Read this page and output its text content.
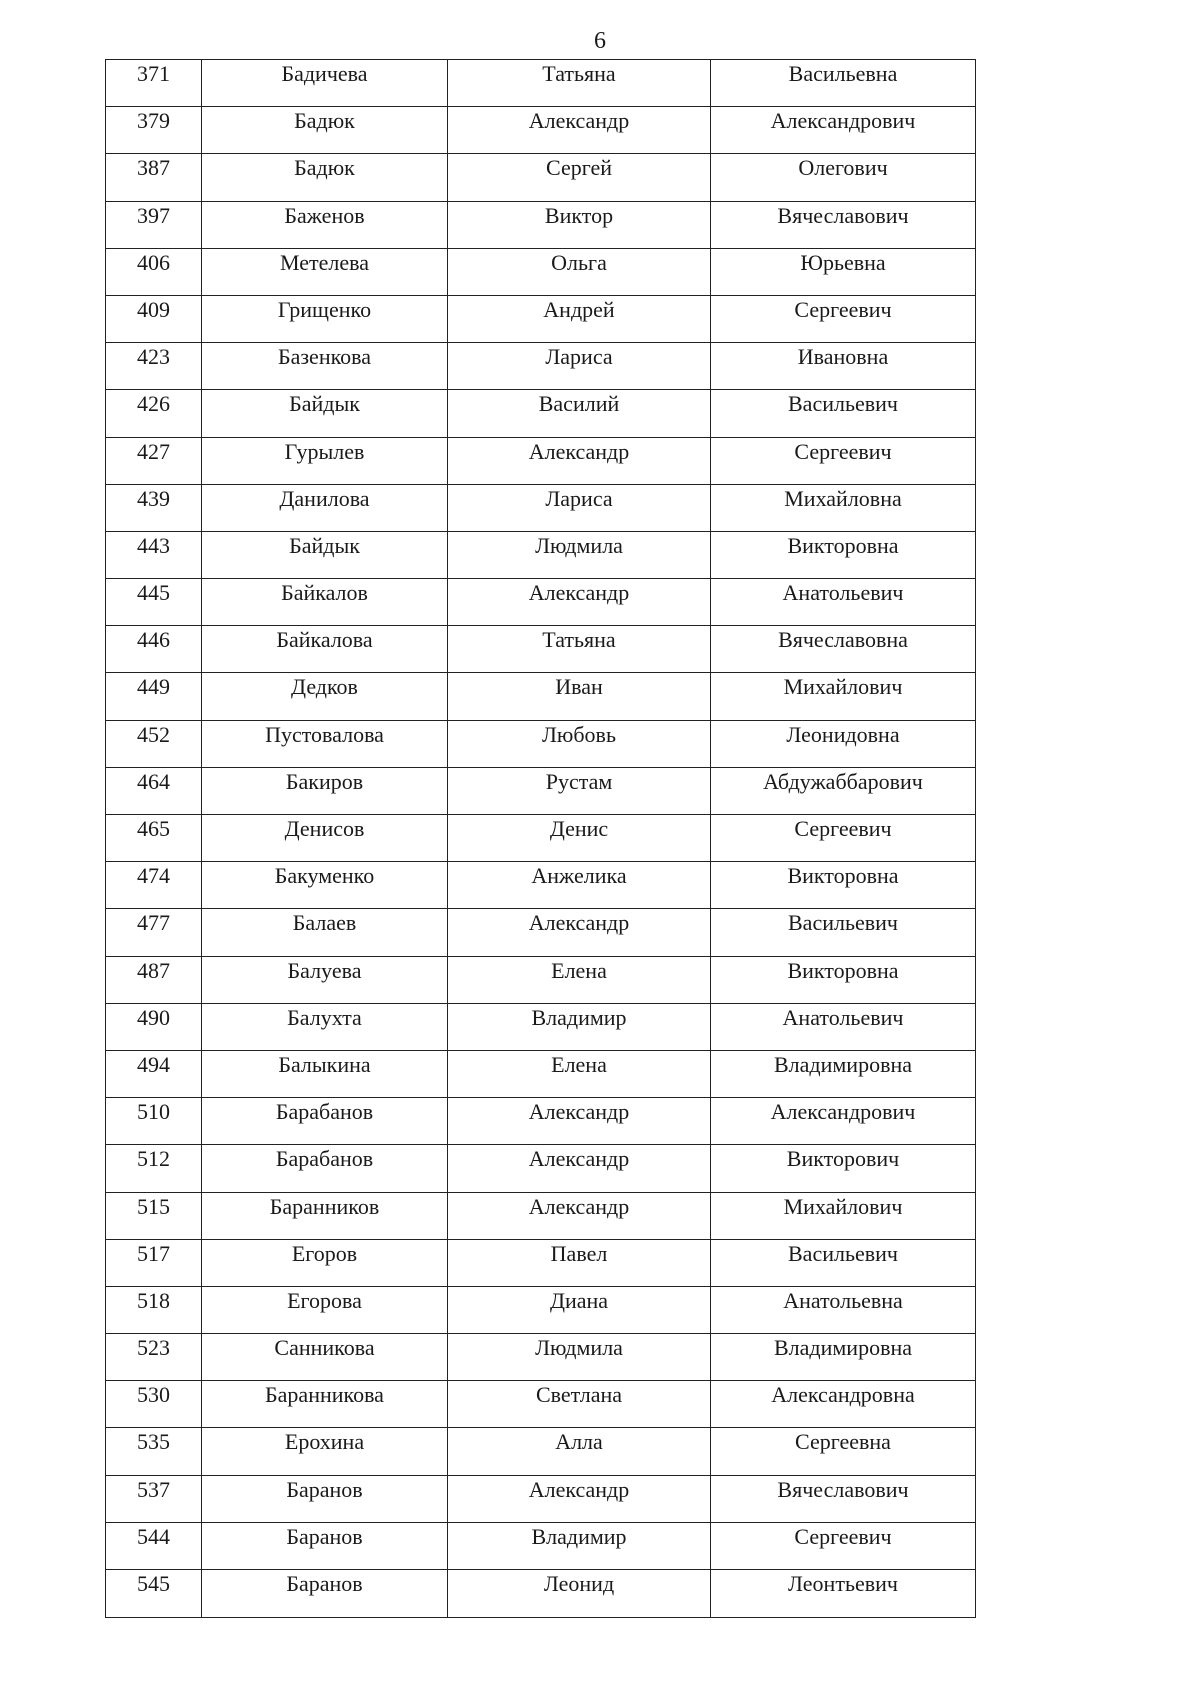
6
371	Бадичева	Татьяна	Васильевна
379	Бадюк	Александр	Александрович
387	Бадюк	Сергей	Олегович
397	Баженов	Виктор	Вячеславович
406	Метелева	Ольга	Юрьевна
409	Грищенко	Андрей	Сергеевич
423	Базенкова	Лариса	Ивановна
426	Байдык	Василий	Васильевич
427	Гурылев	Александр	Сергеевич
439	Данилова	Лариса	Михайловна
443	Байдык	Людмила	Викторовна
445	Байкалов	Александр	Анатольевич
446	Байкалова	Татьяна	Вячеславовна
449	Дедков	Иван	Михайлович
452	Пустовалова	Любовь	Леонидовна
464	Бакиров	Рустам	Абдужаббарович
465	Денисов	Денис	Сергеевич
474	Бакуменко	Анжелика	Викторовна
477	Балаев	Александр	Васильевич
487	Балуева	Елена	Викторовна
490	Балухта	Владимир	Анатольевич
494	Балыкина	Елена	Владимировна
510	Барабанов	Александр	Александрович
512	Барабанов	Александр	Викторович
515	Баранников	Александр	Михайлович
517	Егоров	Павел	Васильевич
518	Егорова	Диана	Анатольевна
523	Санникова	Людмила	Владимировна
530	Баранникова	Светлана	Александровна
535	Ерохина	Алла	Сергеевна
537	Баранов	Александр	Вячеславович
544	Баранов	Владимир	Сергеевич
545	Баранов	Леонид	Леонтьевич
